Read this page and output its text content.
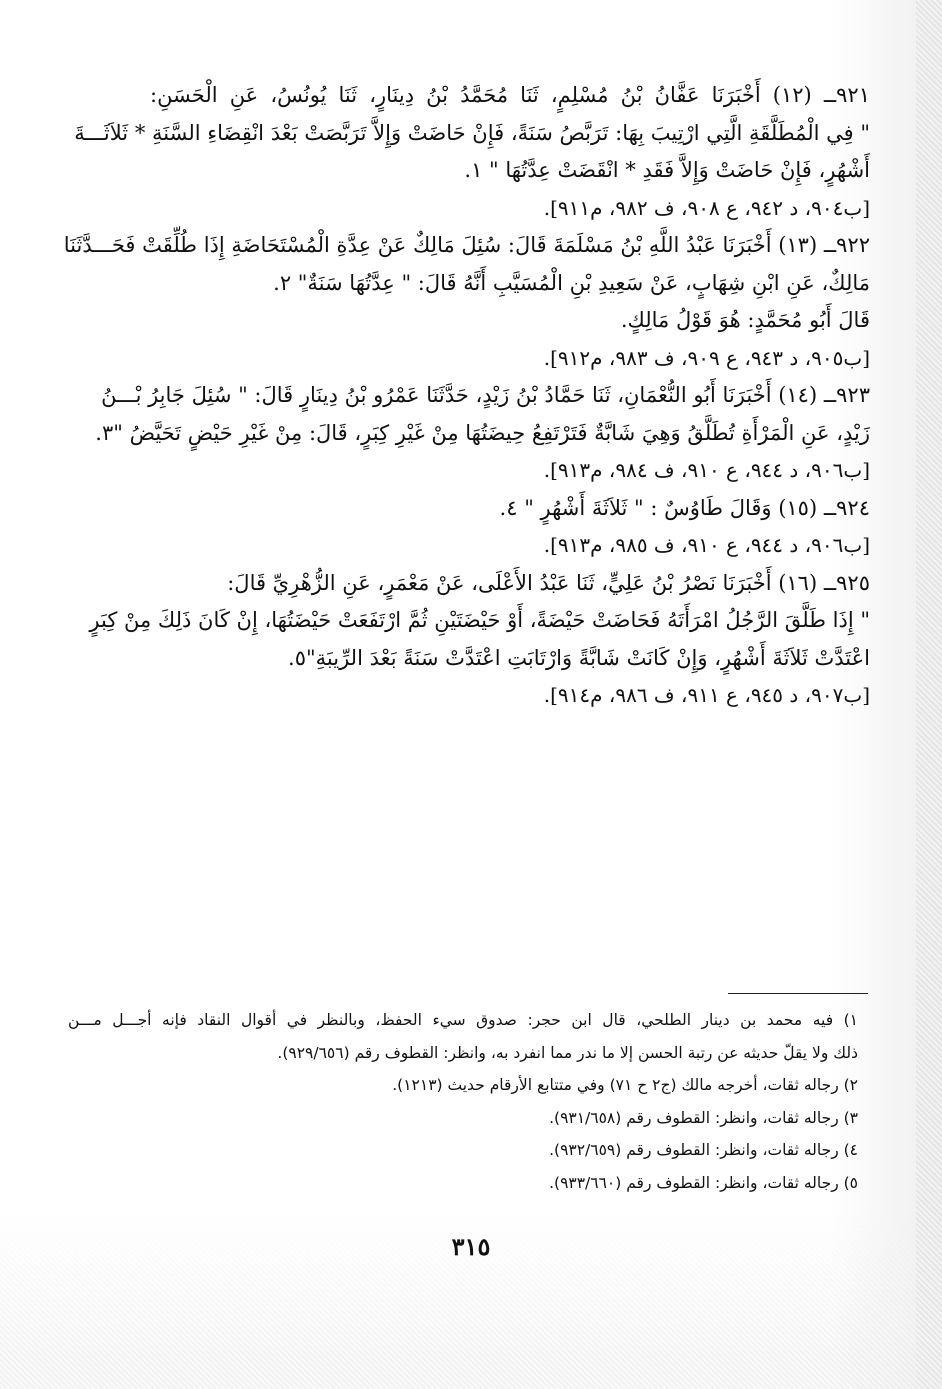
٩٢١ــ (١٢) أَخْبَرَنَا عَفَّانُ بْنُ مُسْلِمٍ، ثَنَا مُحَمَّدُ بْنُ دِينَارٍ، ثَنَا يُونُسُ، عَنِ الْحَسَنِ:
" فِي الْمُطَلَّقَةِ الَّتِي ارْتِيبَ بِهَا: تَرَبَّصُ سَنَةً، فَإِنْ حَاضَتْ وَإِلاَّ تَرَبَّصَتْ بَعْدَ انْقِضَاءِ السَّنَةِ * ثَلاَثَـــةَ
أَشْهُرٍ، فَإِنْ حَاضَتْ وَإِلاَّ فَقَدِ * انْقَضَتْ عِدَّتُهَا " ١.
[ب٩٠٤، د ٩٤٢، ع ٩٠٨، ف ٩٨٢، م٩١١].
٩٢٢ــ (١٣) أَخْبَرَنَا عَبْدُ اللَّهِ بْنُ مَسْلَمَةَ قَالَ: سُئِلَ مَالِكٌ عَنْ عِدَّةِ الْمُسْتَحَاضَةِ إِذَا طُلِّقَتْ فَحَـــدَّثَنَا
مَالِكٌ، عَنِ ابْنِ شِهَابٍ، عَنْ سَعِيدِ بْنِ الْمُسَيَّبِ أَنَّهُ قَالَ: " عِدَّتُهَا سَنَةٌ" ٢.
قَالَ أَبُو مُحَمَّدٍ: هُوَ قَوْلُ مَالِكٍ.
[ب٩٠٥، د ٩٤٣، ع ٩٠٩، ف ٩٨٣، م٩١٢].
٩٢٣ــ (١٤) أَخْبَرَنَا أَبُو النُّعْمَانِ، ثَنَا حَمَّادُ بْنُ زَيْدٍ، حَدَّثَنَا عَمْرُو بْنُ دِينَارٍ قَالَ: " سُئِلَ جَابِرُ بْـــنُ
زَيْدٍ، عَنِ الْمَرْأَةِ تُطَلَّقُ وَهِيَ شَابَّةٌ فَتَرْتَفِعُ حِيضَتُهَا مِنْ غَيْرِ كِبَرٍ، قَالَ: مِنْ غَيْرِ حَيْضٍ تَحَيَّضُ "٣.
[ب٩٠٦، د ٩٤٤، ع ٩١٠، ف ٩٨٤، م٩١٣].
٩٢٤ــ (١٥) وَقَالَ طَاوُسٌ : " ثَلاَثَةَ أَشْهُرٍ " ٤.
[ب٩٠٦، د ٩٤٤، ع ٩١٠، ف ٩٨٥، م٩١٣].
٩٢٥ــ (١٦) أَخْبَرَنَا نَصْرُ بْنُ عَلِيٍّ، ثَنَا عَبْدُ الأَعْلَى، عَنْ مَعْمَرٍ، عَنِ الزُّهْرِيِّ قَالَ:
" إِذَا طَلَّقَ الرَّجُلُ امْرَأَتَهُ فَحَاضَتْ حَيْضَةً، أَوْ حَيْضَتَيْنِ ثُمَّ ارْتَفَعَتْ حَيْضَتُهَا، إِنْ كَانَ ذَلِكَ مِنْ كِبَرٍ
اعْتَدَّتْ ثَلاَثَةَ أَشْهُرٍ، وَإِنْ كَانَتْ شَابَّةً وَارْتَابَتِ اعْتَدَّتْ سَنَةً بَعْدَ الرِّيبَةِ"٥.
[ب٩٠٧، د ٩٤٥، ع ٩١١، ف ٩٨٦، م٩١٤].
١) فيه محمد بن دينار الطلحي، قال ابن حجر: صدوق سيء الحفظ، وبالنظر في أقوال النقاد فإنه أجـــل مـــن
ذلك ولا يقلّ حديثه عن رتبة الحسن إلا ما ندر مما انفرد به، وانظر: القطوف رقم (٩٢٩/٦٥٦).
٢) رجاله ثقات، أخرجه مالك (ج٢ ح ٧١) وفي متتابع الأرقام حديث (١٢١٣).
٣) رجاله ثقات، وانظر: القطوف رقم (٩٣١/٦٥٨).
٤) رجاله ثقات، وانظر: القطوف رقم (٩٣٢/٦٥٩).
٥) رجاله ثقات، وانظر: القطوف رقم (٩٣٣/٦٦٠).
٣١٥
